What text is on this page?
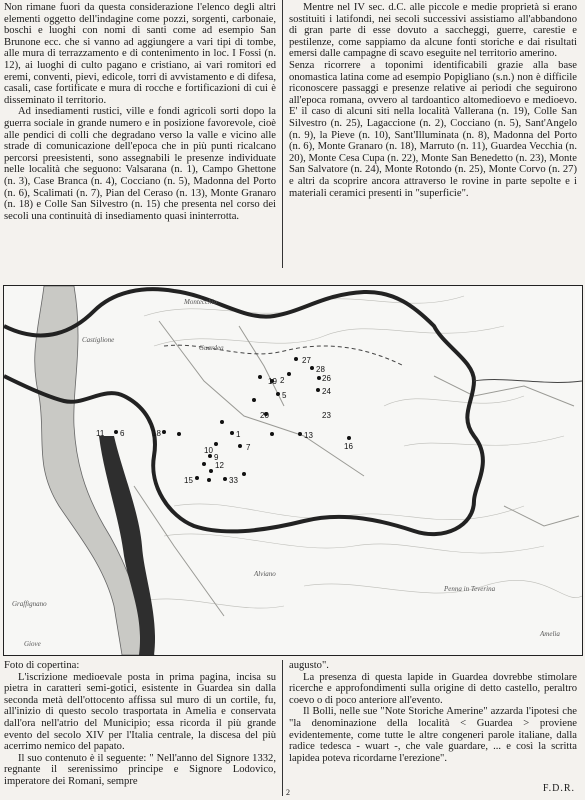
Non rimane fuori da questa considerazione l'elenco degli altri elementi oggetto dell'indagine come pozzi, sorgenti, carbonaie, boschi e luoghi con nomi di santi come ad esempio San Brunone ecc. che si vanno ad aggiungere a vari tipi di tombe, alle mura di terrazzamento e di contenimento in loc. I Fossi (n. 12), ai luoghi di culto pagano e cristiano, ai vari romitori ed eremi, conventi, pievi, edicole, torri di avvistamento e di difesa, casali, case fortificate e mura di rocche e fortificazioni di cui è disseminato il territorio.

Ad insediamenti rustici, ville e fondi agricoli sorti dopo la guerra sociale in grande numero e in posizione favorevole, cioè alle pendici di colli che degradano verso la valle e vicino alle strade di comunicazione dell'epoca che in più punti ricalcano percorsi preesistenti, sono assegnabili le presenze individuate nelle località che seguono: Valsarana (n. 1), Campo Ghettone (n. 3), Case Branca (n. 4), Cocciano (n. 5), Madonna del Porto (n. 6), Scalimati (n. 7), Pian del Ceraso (n. 13), Monte Granaro (n. 18) e Colle San Silvestro (n. 15) che presenta nel corso dei secoli una continuità di insediamento quasi ininterrotta.

Mentre nel IV sec. d.C. alle piccole e medie proprietà si erano sostituiti i latifondi, nei secoli successivi assistiamo all'abbandono di gran parte di esse dovuto a saccheggi, guerre, carestie e pestilenze, come sappiamo da alcune fonti storiche e dai risultati emersi dalle campagne di scavo eseguite nel territorio amerino.

Senza ricorrere a toponimi identificabili grazie alla base onomastica latina come ad esempio Popigliano (s.n.) non è difficile riconoscere passaggi e presenze relative ai periodi che seguirono all'epoca romana, ovvero al tardoantico altomedioevo e medioevo. E' il caso di alcuni siti nella località Vallerana (n. 19), Colle San Silvestro (n. 25), Lagaccione (n. 2), Cocciano (n. 5), Sant'Angelo (n. 9), la Pieve (n. 10), Sant'Illuminata (n. 8), Madonna del Porto (n. 6), Monte Granaro (n. 18), Marruto (n. 11), Guardea Vecchia (n. 20), Monte Cesa Cupa (n. 22), Monte San Benedetto (n. 23), Monte San Salvatore (n. 24), Monte Rotondo (n. 25), Monte Corvo (n. 27) e altri da scoprire ancora attraverso le rovine in parte sepolte e i materiali ceramici presenti in "superficie".

Montecchio
Castiglione
Guardea
Alviano
Graffignano
Amelia
Giove
Penna in Teverina
27
28
19 2	26
5	24
20	23
18
6	1
7
10
9
12
15	33
13
16
11

Foto di copertina:

L'iscrizione medioevale posta in prima pagina, incisa su pietra in caratteri semi-gotici, esistente in Guardea sin dalla seconda metà dell'ottocento affissa sul muro di un cortile, fu, all'inizio di questo secolo trasportata in Amelia e conservata dall'ora nell'atrio del Municipio; essa ricorda il più grande evento del secolo XIV per l'Italia centrale, la discesa del più acerrimo nemico del papato.

Il suo contenuto è il seguente: " Nell'anno del Signore 1332, regnante il serenissimo principe e Signore Lodovico, imperatore dei Romani, sempre

augusto".

La presenza di questa lapide in Guardea dovrebbe stimolare ricerche e approfondimenti sulla origine di detto castello, peraltro coevo o di poco anteriore all'evento.

Il Bolli, nelle sue "Note Storiche Amerine" azzarda l'ipotesi che "la denominazione della località < Guardea > proviene evidentemente, come tutte le altre congeneri parole italiane, dalla radice tedesca - wuart -, che vale guardare, ... e così la scritta lapidea poteva ricordarne l'erezione".

2	F.D.R.
